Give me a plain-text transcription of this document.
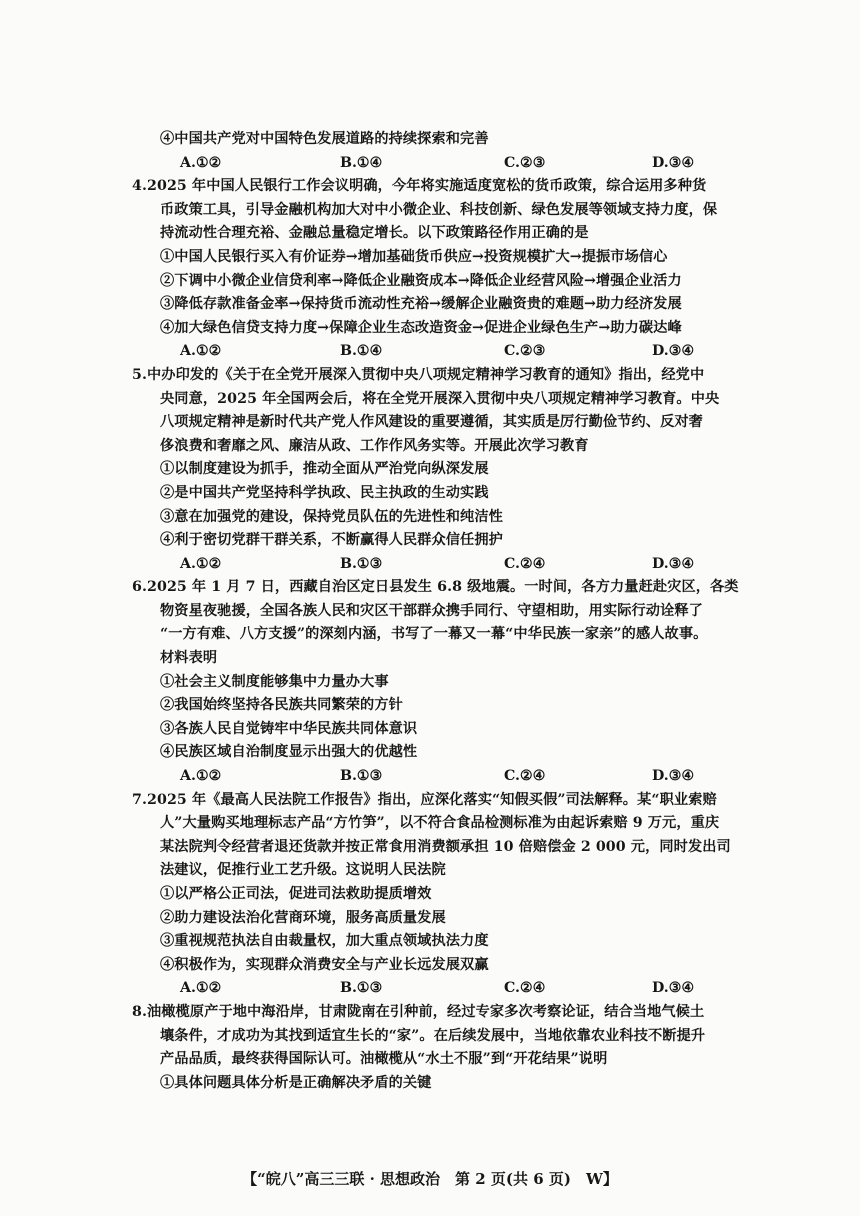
④中国共产党对中国特色发展道路的持续探索和完善
A.①②	B.①④	C.②③	D.③④
4.2025 年中国人民银行工作会议明确，今年将实施适度宽松的货币政策，综合运用多种货
币政策工具，引导金融机构加大对中小微企业、科技创新、绿色发展等领域支持力度，保
持流动性合理充裕、金融总量稳定增长。以下政策路径作用正确的是
①中国人民银行买入有价证券→增加基础货币供应→投资规模扩大→提振市场信心
②下调中小微企业信贷利率→降低企业融资成本→降低企业经营风险→增强企业活力
③降低存款准备金率→保持货币流动性充裕→缓解企业融资贵的难题→助力经济发展
④加大绿色信贷支持力度→保障企业生态改造资金→促进企业绿色生产→助力碳达峰
A.①②	B.①④	C.②③	D.③④
5.中办印发的《关于在全党开展深入贯彻中央八项规定精神学习教育的通知》指出，经党中
央同意，2025 年全国两会后，将在全党开展深入贯彻中央八项规定精神学习教育。中央
八项规定精神是新时代共产党人作风建设的重要遵循，其实质是厉行勤俭节约、反对奢
侈浪费和奢靡之风、廉洁从政、工作作风务实等。开展此次学习教育
①以制度建设为抓手，推动全面从严治党向纵深发展
②是中国共产党坚持科学执政、民主执政的生动实践
③意在加强党的建设，保持党员队伍的先进性和纯洁性
④利于密切党群干群关系，不断赢得人民群众信任拥护
A.①②	B.①③	C.②④	D.③④
6.2025 年 1 月 7 日，西藏自治区定日县发生 6.8 级地震。一时间，各方力量赶赴灾区，各类
物资星夜驰援，全国各族人民和灾区干部群众携手同行、守望相助，用实际行动诠释了
“一方有难、八方支援”的深刻内涵，书写了一幕又一幕“中华民族一家亲”的感人故事。
材料表明
①社会主义制度能够集中力量办大事
②我国始终坚持各民族共同繁荣的方针
③各族人民自觉铸牢中华民族共同体意识
④民族区域自治制度显示出强大的优越性
A.①②	B.①③	C.②④	D.③④
7.2025 年《最高人民法院工作报告》指出，应深化落实“知假买假”司法解释。某“职业索赔
人”大量购买地理标志产品“方竹笋”，以不符合食品检测标准为由起诉索赔 9 万元，重庆
某法院判令经营者退还货款并按正常食用消费额承担 10 倍赔偿金 2 000 元，同时发出司
法建议，促推行业工艺升级。这说明人民法院
①以严格公正司法，促进司法救助提质增效
②助力建设法治化营商环境，服务高质量发展
③重视规范执法自由裁量权，加大重点领域执法力度
④积极作为，实现群众消费安全与产业长远发展双赢
A.①②	B.①③	C.②④	D.③④
8.油橄榄原产于地中海沿岸，甘肃陇南在引种前，经过专家多次考察论证，结合当地气候土
壤条件，才成功为其找到适宜生长的“家”。在后续发展中，当地依靠农业科技不断提升
产品品质，最终获得国际认可。油橄榄从“水土不服”到“开花结果”说明
①具体问题具体分析是正确解决矛盾的关键
【“皖八”高三三联 · 思想政治　第 2 页(共 6 页)　W】
